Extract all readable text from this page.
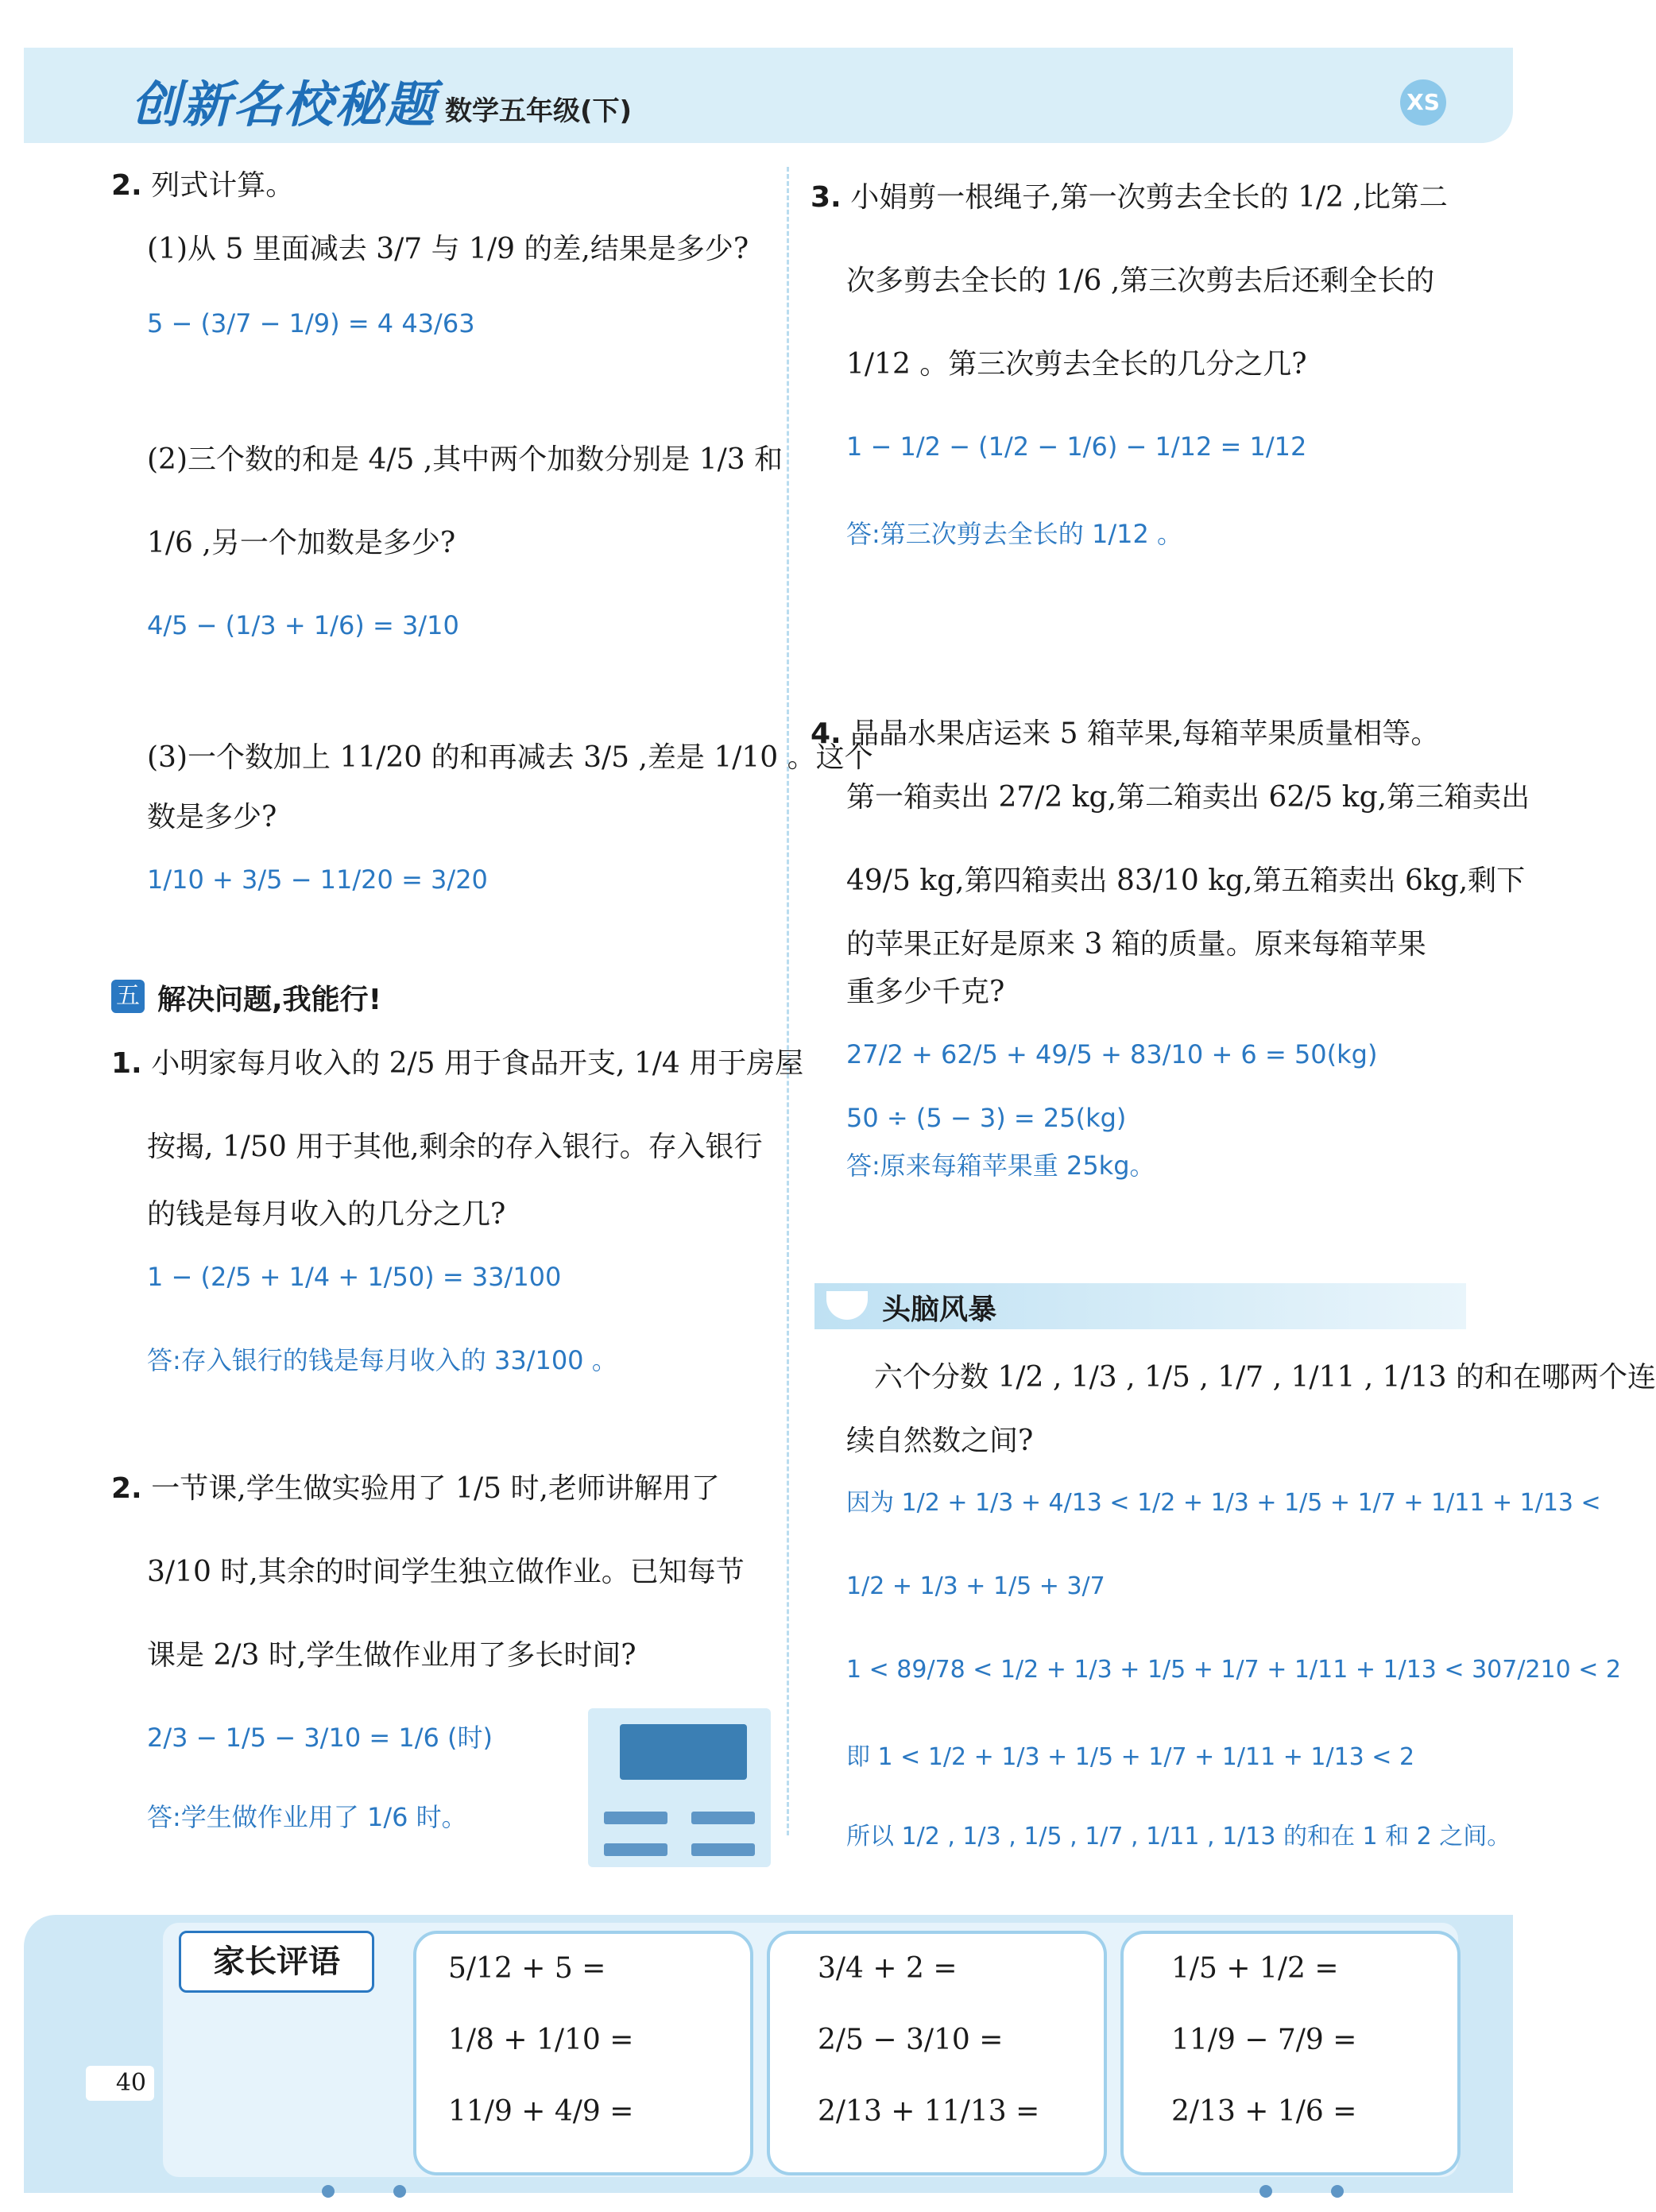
创新名校秘题 数学五年级(下)	XS
2. 列式计算。
(1)从 5 里面减去 3/7 与 1/9 的差,结果是多少?
5 − (3/7 − 1/9) = 4 43/63
(2)三个数的和是 4/5 ,其中两个加数分别是 1/3 和
1/6 ,另一个加数是多少?
4/5 − (1/3 + 1/6) = 3/10
(3)一个数加上 11/20 的和再减去 3/5 ,差是 1/10 。这个
数是多少?
1/10 + 3/5 − 11/20 = 3/20
五 解决问题,我能行!
1. 小明家每月收入的 2/5 用于食品开支, 1/4 用于房屋
按揭, 1/50 用于其他,剩余的存入银行。存入银行
的钱是每月收入的几分之几?
1 − (2/5 + 1/4 + 1/50) = 33/100
答:存入银行的钱是每月收入的 33/100 。
2. 一节课,学生做实验用了 1/5 时,老师讲解用了
3/10 时,其余的时间学生独立做作业。已知每节
课是 2/3 时,学生做作业用了多长时间?
2/3 − 1/5 − 3/10 = 1/6 (时)
答:学生做作业用了 1/6 时。
3. 小娟剪一根绳子,第一次剪去全长的 1/2 ,比第二
次多剪去全长的 1/6 ,第三次剪去后还剩全长的
1/12 。第三次剪去全长的几分之几?
1 − 1/2 − (1/2 − 1/6) − 1/12 = 1/12
答:第三次剪去全长的 1/12 。
4. 晶晶水果店运来 5 箱苹果,每箱苹果质量相等。
第一箱卖出 27/2 kg,第二箱卖出 62/5 kg,第三箱卖出
49/5 kg,第四箱卖出 83/10 kg,第五箱卖出 6kg,剩下
的苹果正好是原来 3 箱的质量。原来每箱苹果
重多少千克?
27/2 + 62/5 + 49/5 + 83/10 + 6 = 50(kg)
50 ÷ (5 − 3) = 25(kg)
答:原来每箱苹果重 25kg。
头脑风暴
六个分数 1/2 , 1/3 , 1/5 , 1/7 , 1/11 , 1/13 的和在哪两个连
续自然数之间?
因为 1/2 + 1/3 + 4/13 < 1/2 + 1/3 + 1/5 + 1/7 + 1/11 + 1/13 <
1/2 + 1/3 + 1/5 + 3/7
1 < 89/78 < 1/2 + 1/3 + 1/5 + 1/7 + 1/11 + 1/13 < 307/210 < 2
即 1 < 1/2 + 1/3 + 1/5 + 1/7 + 1/11 + 1/13 < 2
所以 1/2 , 1/3 , 1/5 , 1/7 , 1/11 , 1/13 的和在 1 和 2 之间。
家长评语
40
5/12 + 5 =
1/8 + 1/10 =
11/9 + 4/9 =
3/4 + 2 =
2/5 − 3/10 =
2/13 + 11/13 =
1/5 + 1/2 =
11/9 − 7/9 =
2/13 + 1/6 =
